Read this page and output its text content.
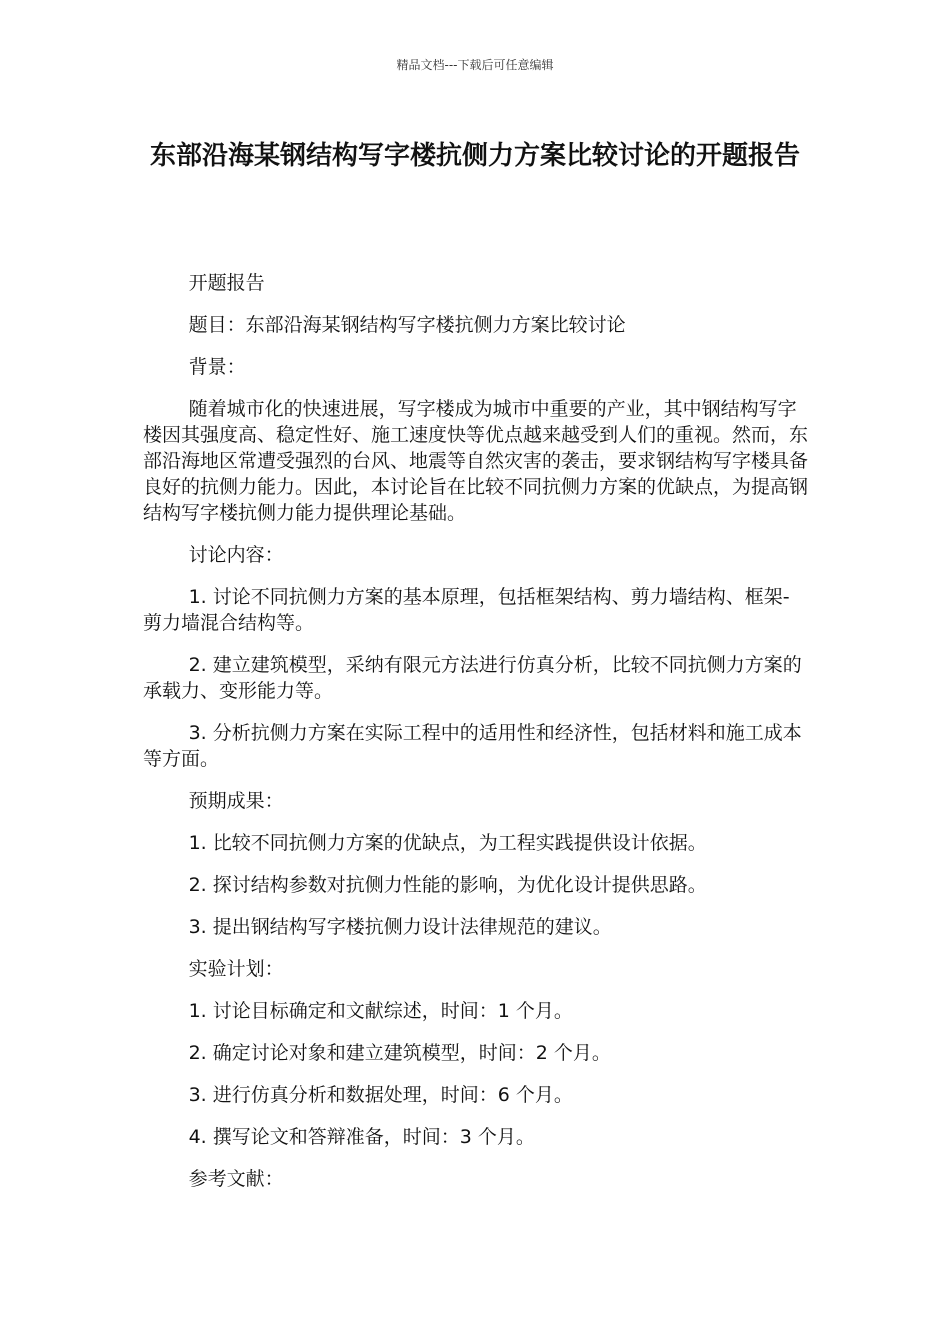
精品文档---下载后可任意编辑
东部沿海某钢结构写字楼抗侧力方案比较讨论的开题报告

开题报告

题目：东部沿海某钢结构写字楼抗侧力方案比较讨论

背景：

随着城市化的快速进展，写字楼成为城市中重要的产业，其中钢结构写字楼因其强度高、稳定性好、施工速度快等优点越来越受到人们的重视。然而，东部沿海地区常遭受强烈的台风、地震等自然灾害的袭击，要求钢结构写字楼具备良好的抗侧力能力。因此，本讨论旨在比较不同抗侧力方案的优缺点，为提高钢结构写字楼抗侧力能力提供理论基础。

讨论内容：

1. 讨论不同抗侧力方案的基本原理，包括框架结构、剪力墙结构、框架-剪力墙混合结构等。

2. 建立建筑模型，采纳有限元方法进行仿真分析，比较不同抗侧力方案的承载力、变形能力等。

3. 分析抗侧力方案在实际工程中的适用性和经济性，包括材料和施工成本等方面。

预期成果：

1. 比较不同抗侧力方案的优缺点，为工程实践提供设计依据。

2. 探讨结构参数对抗侧力性能的影响，为优化设计提供思路。

3. 提出钢结构写字楼抗侧力设计法律规范的建议。

实验计划：

1. 讨论目标确定和文献综述，时间：1 个月。

2. 确定讨论对象和建立建筑模型，时间：2 个月。

3. 进行仿真分析和数据处理，时间：6 个月。

4. 撰写论文和答辩准备，时间：3 个月。

参考文献：
